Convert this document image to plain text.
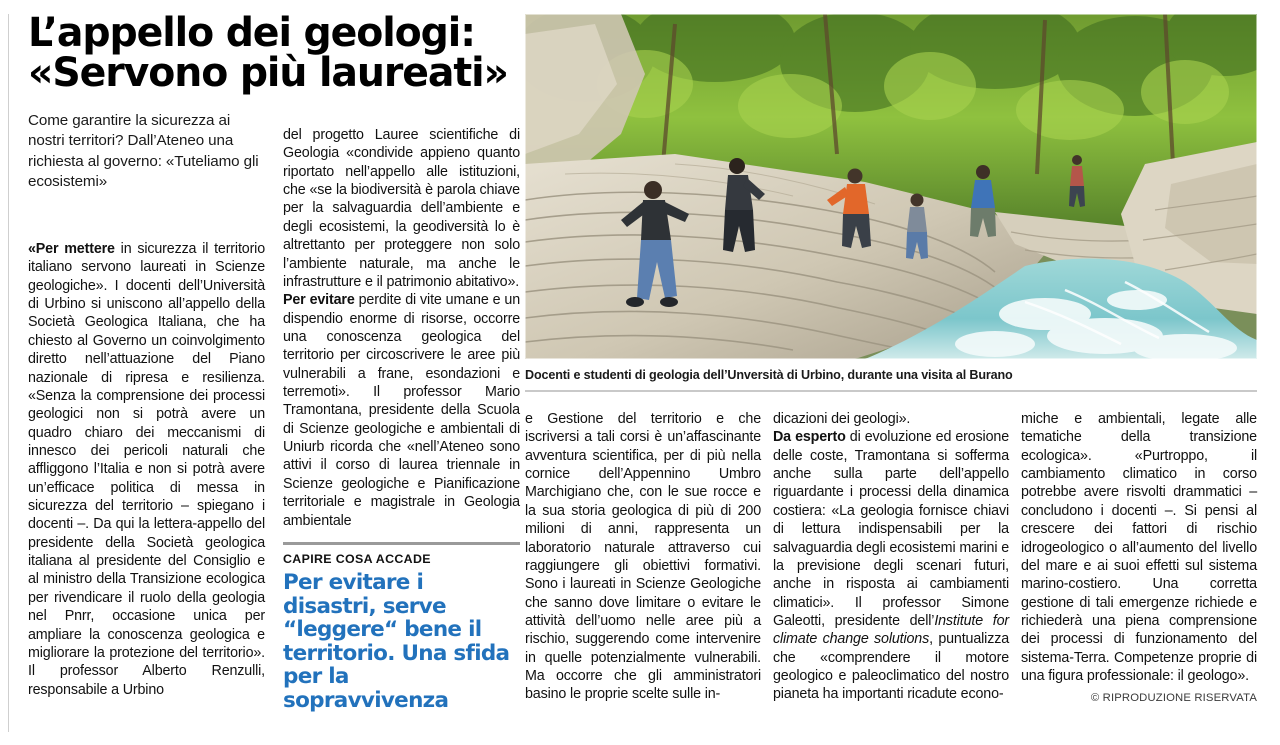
L’appello dei geologi:
«Servono più laureati»
Come garantire la sicurezza ai nostri territori? Dall’Ateneo una richiesta al governo: «Tuteliamo gli ecosistemi»

«Per mettere in sicurezza il territorio italiano servono laureati in Scienze geologiche». I docenti dell’Università di Urbino si uniscono all’appello della Società Geologica Italiana, che ha chiesto al Governo un coinvolgimento diretto nell’attuazione del Piano nazionale di ripresa e resilienza. «Senza la comprensione dei processi geologici non si potrà avere un quadro chiaro dei meccanismi di innesco dei pericoli naturali che affliggono l’Italia e non si potrà avere un’efficace politica di messa in sicurezza del territorio – spiegano i docenti –. Da qui la lettera-appello del presidente della Società geologica italiana al presidente del Consiglio e al ministro della Transizione ecologica per rivendicare il ruolo della geologia nel Pnrr, occasione unica per ampliare la conoscenza geologica e migliorare la protezione del territorio». Il professor Alberto Renzulli, responsabile a Urbino

del progetto Lauree scientifiche di Geologia «condivide appieno quanto riportato nell’appello alle istituzioni, che «se la biodiversità è parola chiave per la salvaguardia dell’ambiente e degli ecosistemi, la geodiversità lo è altrettanto per proteggere non solo l’ambiente naturale, ma anche le infrastrutture e il patrimonio abitativo».

Per evitare perdite di vite umane e un dispendio enorme di risorse, occorre una conoscenza geologica del territorio per circoscrivere le aree più vulnerabili a frane, esondazioni e terremoti». Il professor Mario Tramontana, presidente della Scuola di Scienze geologiche e ambientali di Uniurb ricorda che «nell’Ateneo sono attivi il corso di laurea triennale in Scienze geologiche e Pianificazione territoriale e magistrale in Geologia ambientale

CAPIRE COSA ACCADE
Per evitare i disastri, serve “leggere“ bene il territorio. Una sfida per la sopravvivenza
Docenti e studenti di geologia dell’Unversità di Urbino, durante una visita al Burano

e Gestione del territorio e che iscriversi a tali corsi è un’affascinante avventura scientifica, per di più nella cornice dell’Appennino Umbro Marchigiano che, con le sue rocce e la sua storia geologica di più di 200 milioni di anni, rappresenta un laboratorio naturale attraverso cui raggiungere gli obiettivi formativi. Sono i laureati in Scienze Geologiche che sanno dove limitare o evitare le attività dell’uomo nelle aree più a rischio, suggerendo come intervenire in quelle potenzialmente vulnerabili. Ma occorre che gli amministratori basino le proprie scelte sulle in-

dicazioni dei geologi».

Da esperto di evoluzione ed erosione delle coste, Tramontana si sofferma anche sulla parte dell’appello riguardante i processi della dinamica costiera: «La geologia fornisce chiavi di lettura indispensabili per la salvaguardia degli ecosistemi marini e la previsione degli scenari futuri, anche in risposta ai cambiamenti climatici». Il professor Simone Galeotti, presidente dell’Institute for climate change solutions, puntualizza che «comprendere il motore geologico e paleoclimatico del nostro pianeta ha importanti ricadute econo-

miche e ambientali, legate alle tematiche della transizione ecologica». «Purtroppo, il cambiamento climatico in corso potrebbe avere risvolti drammatici – concludono i docenti –. Si pensi al crescere dei fattori di rischio idrogeologico o all’aumento del livello del mare e ai suoi effetti sul sistema marino-costiero. Una corretta gestione di tali emergenze richiede e richiederà una piena comprensione dei processi di funzionamento del sistema-Terra. Competenze proprie di una figura professionale: il geologo».

© RIPRODUZIONE RISERVATA
